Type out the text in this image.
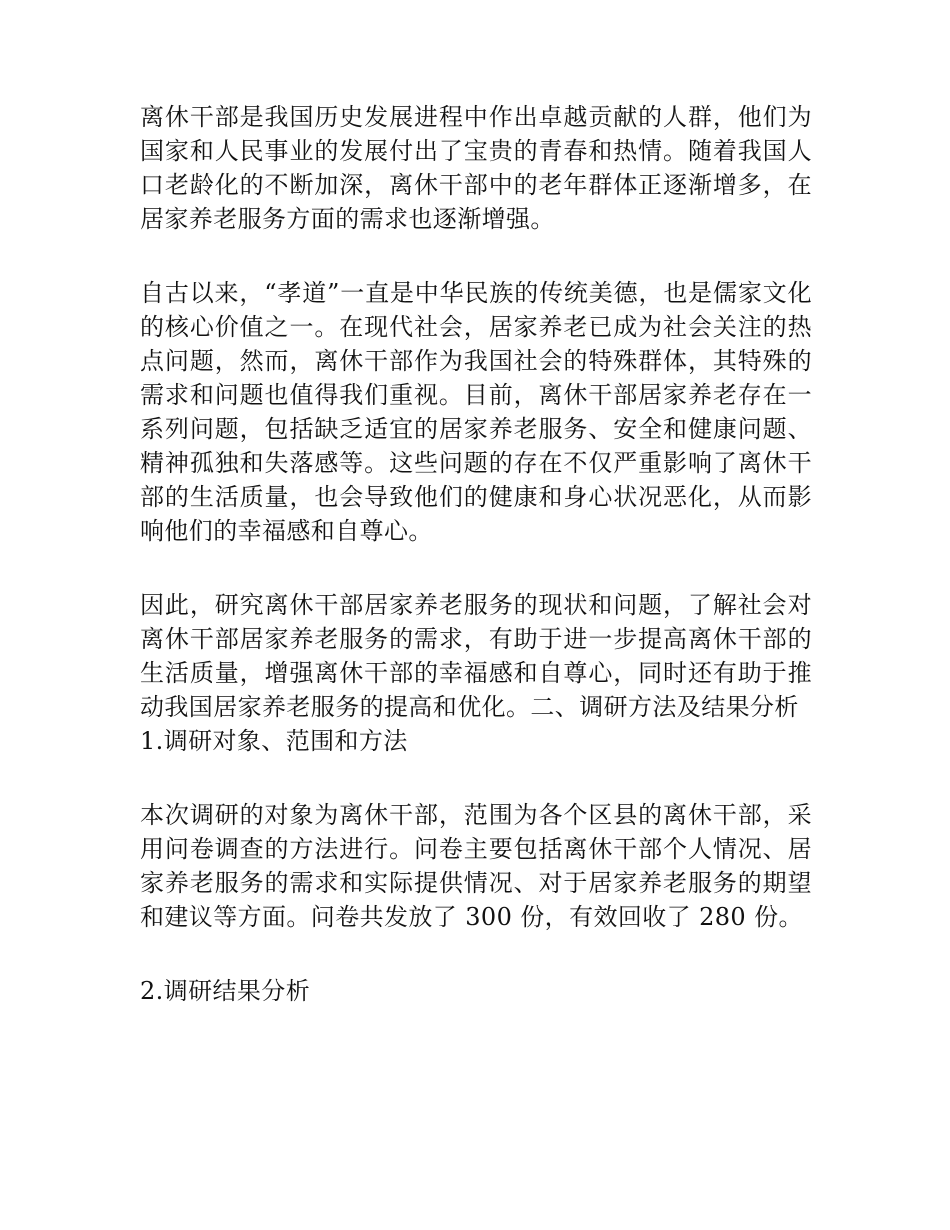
离休干部是我国历史发展进程中作出卓越贡献的人群，他们为国家和人民事业的发展付出了宝贵的青春和热情。随着我国人口老龄化的不断加深，离休干部中的老年群体正逐渐增多，在居家养老服务方面的需求也逐渐增强。

自古以来，“孝道”一直是中华民族的传统美德，也是儒家文化的核心价值之一。在现代社会，居家养老已成为社会关注的热点问题，然而，离休干部作为我国社会的特殊群体，其特殊的需求和问题也值得我们重视。目前，离休干部居家养老存在一系列问题，包括缺乏适宜的居家养老服务、安全和健康问题、精神孤独和失落感等。这些问题的存在不仅严重影响了离休干部的生活质量，也会导致他们的健康和身心状况恶化，从而影响他们的幸福感和自尊心。

因此，研究离休干部居家养老服务的现状和问题，了解社会对离休干部居家养老服务的需求，有助于进一步提高离休干部的生活质量，增强离休干部的幸福感和自尊心，同时还有助于推动我国居家养老服务的提高和优化。二、调研方法及结果分析

1.调研对象、范围和方法

本次调研的对象为离休干部，范围为各个区县的离休干部，采用问卷调查的方法进行。问卷主要包括离休干部个人情况、居家养老服务的需求和实际提供情况、对于居家养老服务的期望和建议等方面。问卷共发放了 300 份，有效回收了 280 份。

2.调研结果分析
